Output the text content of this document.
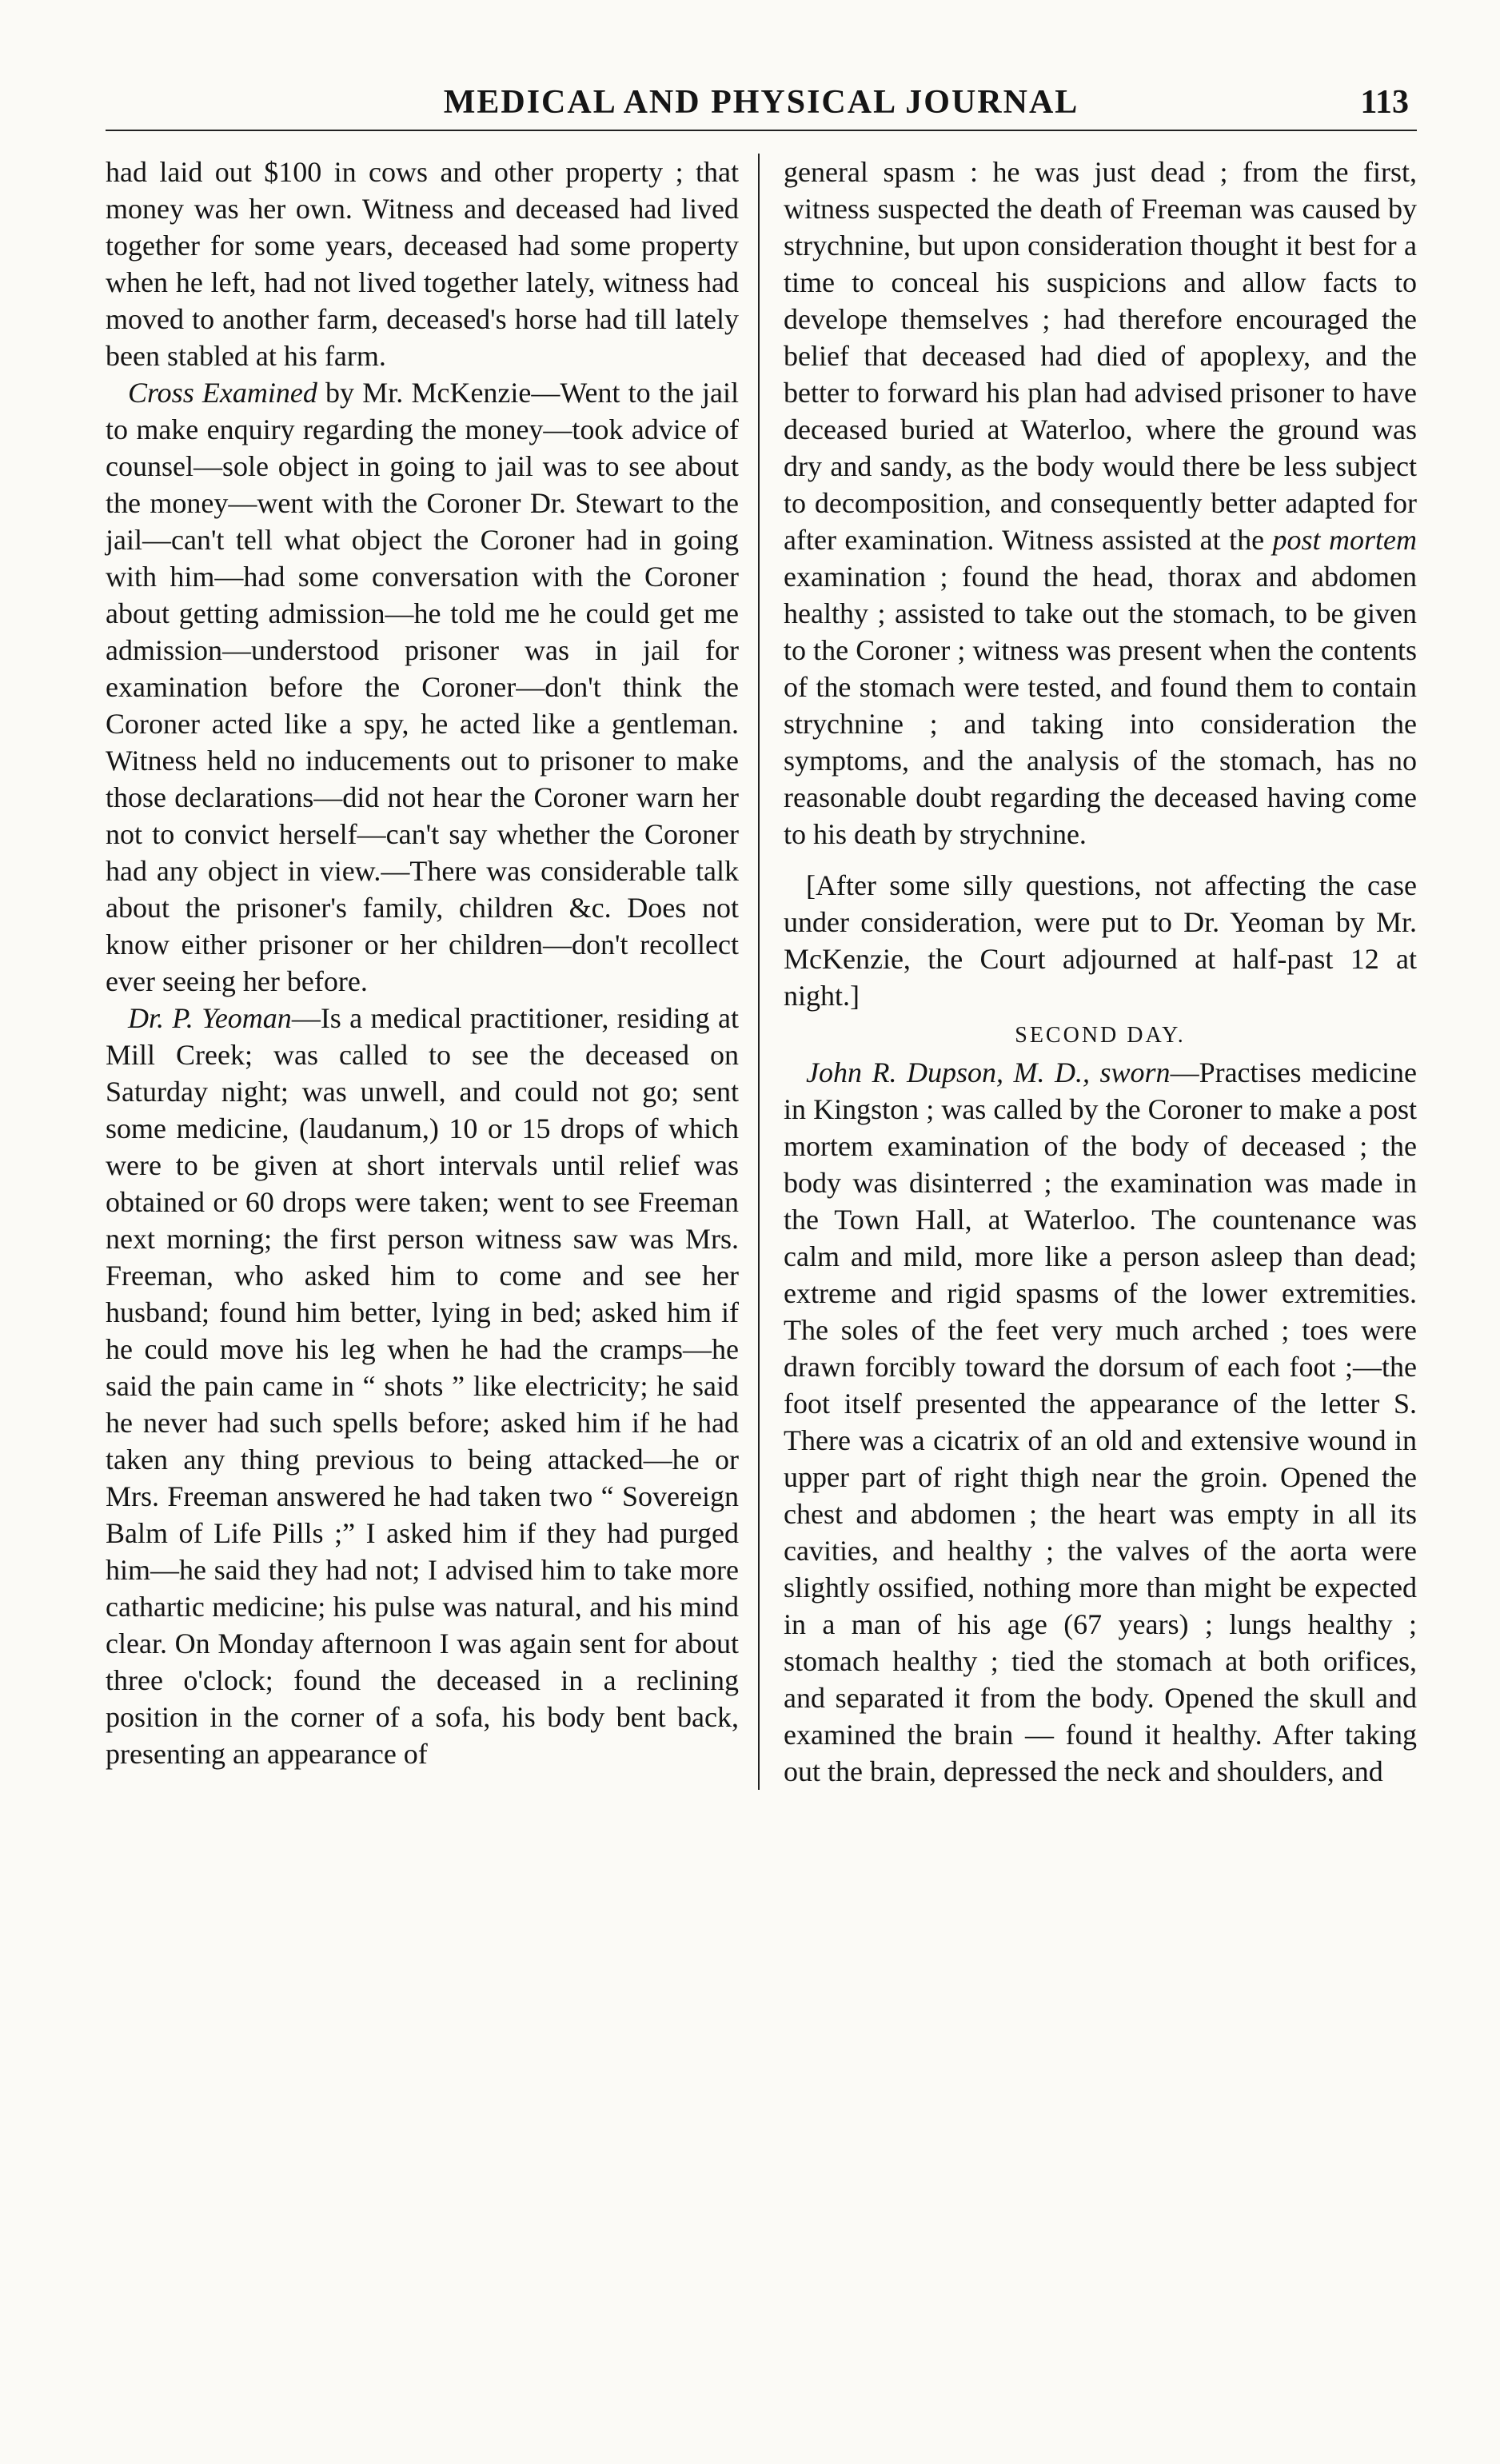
MEDICAL AND PHYSICAL JOURNAL	113

had laid out $100 in cows and other property ; that money was her own. Witness and deceased had lived together for some years, deceased had some property when he left, had not lived together lately, witness had moved to another farm, deceased's horse had till lately been stabled at his farm.

Cross Examined by Mr. McKenzie—Went to the jail to make enquiry regarding the money—took advice of counsel—sole object in going to jail was to see about the money—went with the Coroner Dr. Stewart to the jail—can't tell what object the Coroner had in going with him—had some conversation with the Coroner about getting admission—he told me he could get me admission—understood prisoner was in jail for examination before the Coroner—don't think the Coroner acted like a spy, he acted like a gentleman. Witness held no inducements out to prisoner to make those declarations—did not hear the Coroner warn her not to convict herself—can't say whether the Coroner had any object in view.—There was considerable talk about the prisoner's family, children &c. Does not know either prisoner or her children—don't recollect ever seeing her before.

Dr. P. Yeoman—Is a medical practitioner, residing at Mill Creek; was called to see the deceased on Saturday night; was unwell, and could not go; sent some medicine, (laudanum,) 10 or 15 drops of which were to be given at short intervals until relief was obtained or 60 drops were taken; went to see Freeman next morning; the first person witness saw was Mrs. Freeman, who asked him to come and see her husband; found him better, lying in bed; asked him if he could move his leg when he had the cramps—he said the pain came in “ shots ” like electricity; he said he never had such spells before; asked him if he had taken any thing previous to being attacked—he or Mrs. Freeman answered he had taken two “ Sovereign Balm of Life Pills ;” I asked him if they had purged him—he said they had not; I advised him to take more cathartic medicine; his pulse was natural, and his mind clear. On Monday afternoon I was again sent for about three o'clock; found the deceased in a reclining position in the corner of a sofa, his body bent back, presenting an appearance of

general spasm : he was just dead ; from the first, witness suspected the death of Freeman was caused by strychnine, but upon consideration thought it best for a time to conceal his suspicions and allow facts to develope themselves ; had therefore encouraged the belief that deceased had died of apoplexy, and the better to forward his plan had advised prisoner to have deceased buried at Waterloo, where the ground was dry and sandy, as the body would there be less subject to decomposition, and consequently better adapted for after examination. Witness assisted at the post mortem examination ; found the head, thorax and abdomen healthy ; assisted to take out the stomach, to be given to the Coroner ; witness was present when the contents of the stomach were tested, and found them to contain strychnine ; and taking into consideration the symptoms, and the analysis of the stomach, has no reasonable doubt regarding the deceased having come to his death by strychnine.

[After some silly questions, not affecting the case under consideration, were put to Dr. Yeoman by Mr. McKenzie, the Court adjourned at half-past 12 at night.]

SECOND DAY.

John R. Dupson, M. D., sworn—Practises medicine in Kingston ; was called by the Coroner to make a post mortem examination of the body of deceased ; the body was disinterred ; the examination was made in the Town Hall, at Waterloo. The countenance was calm and mild, more like a person asleep than dead; extreme and rigid spasms of the lower extremities. The soles of the feet very much arched ; toes were drawn forcibly toward the dorsum of each foot ;—the foot itself presented the appearance of the letter S. There was a cicatrix of an old and extensive wound in upper part of right thigh near the groin. Opened the chest and abdomen ; the heart was empty in all its cavities, and healthy ; the valves of the aorta were slightly ossified, nothing more than might be expected in a man of his age (67 years) ; lungs healthy ; stomach healthy ; tied the stomach at both orifices, and separated it from the body. Opened the skull and examined the brain — found it healthy. After taking out the brain, depressed the neck and shoulders, and
